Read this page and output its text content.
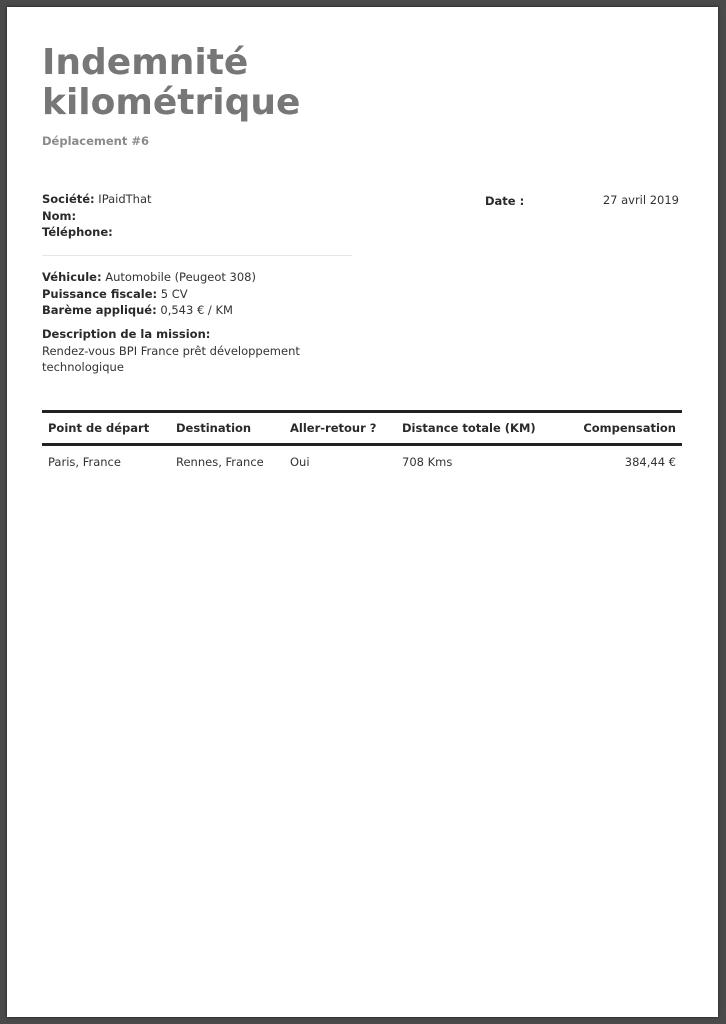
Indemnité kilométrique
Déplacement #6
Société: IPaidThat
Nom:
Téléphone:
Date :	27 avril 2019
Véhicule: Automobile (Peugeot 308)
Puissance fiscale: 5 CV
Barème appliqué: 0,543 € / KM
Description de la mission:
Rendez-vous BPI France prêt développement technologique
Point de départ	Destination	Aller-retour ?	Distance totale (KM)	Compensation
Paris, France	Rennes, France	Oui	708 Kms	384,44 €
